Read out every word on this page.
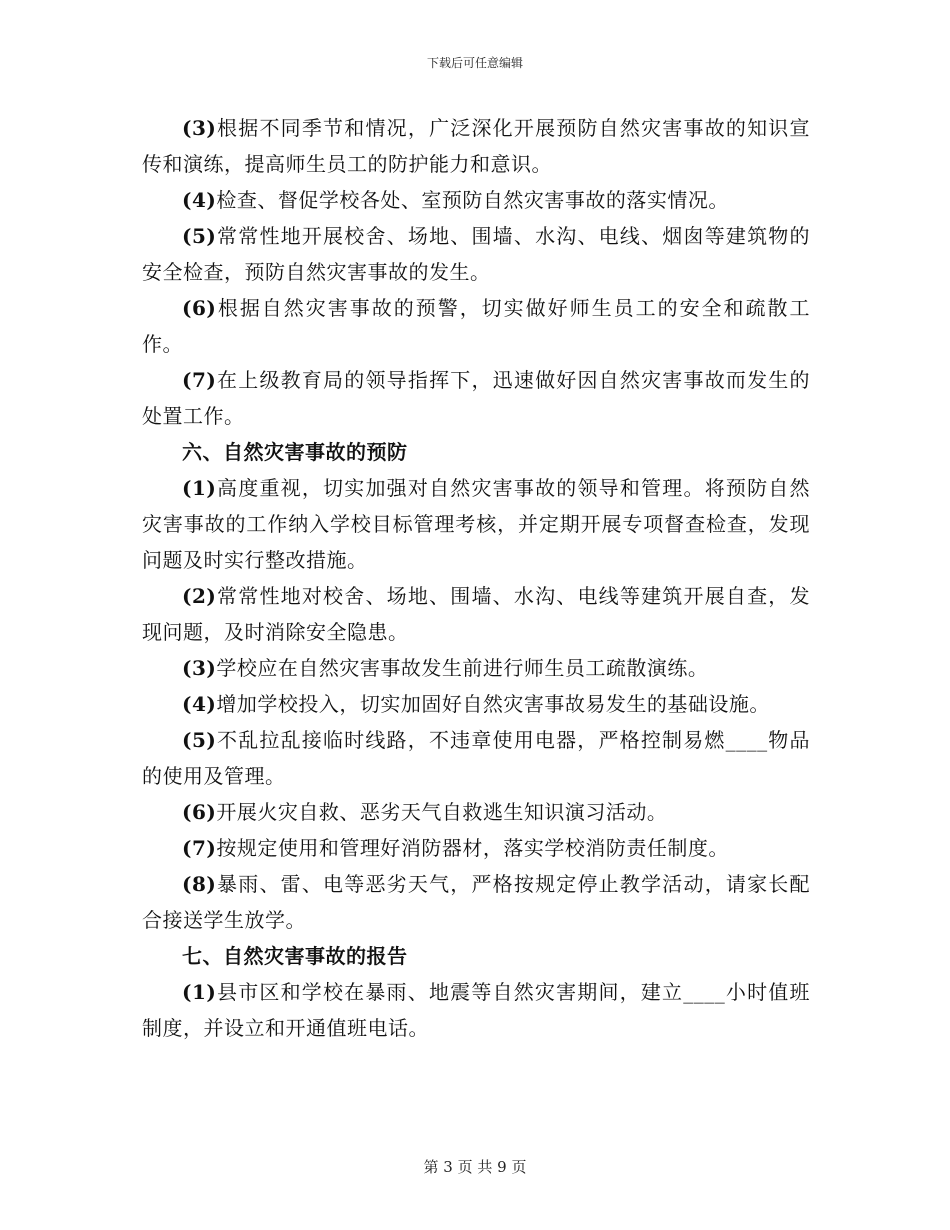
下载后可任意编辑

(3)根据不同季节和情况，广泛深化开展预防自然灾害事故的知识宣传和演练，提高师生员工的防护能力和意识。

(4)检查、督促学校各处、室预防自然灾害事故的落实情况。

(5)常常性地开展校舍、场地、围墙、水沟、电线、烟囱等建筑物的安全检查，预防自然灾害事故的发生。

(6)根据自然灾害事故的预警，切实做好师生员工的安全和疏散工作。

(7)在上级教育局的领导指挥下，迅速做好因自然灾害事故而发生的处置工作。

六、自然灾害事故的预防

(1)高度重视，切实加强对自然灾害事故的领导和管理。将预防自然灾害事故的工作纳入学校目标管理考核，并定期开展专项督查检查，发现问题及时实行整改措施。

(2)常常性地对校舍、场地、围墙、水沟、电线等建筑开展自查，发现问题，及时消除安全隐患。

(3)学校应在自然灾害事故发生前进行师生员工疏散演练。

(4)增加学校投入，切实加固好自然灾害事故易发生的基础设施。

(5)不乱拉乱接临时线路，不违章使用电器，严格控制易燃____物品的使用及管理。

(6)开展火灾自救、恶劣天气自救逃生知识演习活动。

(7)按规定使用和管理好消防器材，落实学校消防责任制度。

(8)暴雨、雷、电等恶劣天气，严格按规定停止教学活动，请家长配合接送学生放学。

七、自然灾害事故的报告

(1)县市区和学校在暴雨、地震等自然灾害期间，建立____小时值班制度，并设立和开通值班电话。

第 3 页 共 9 页
